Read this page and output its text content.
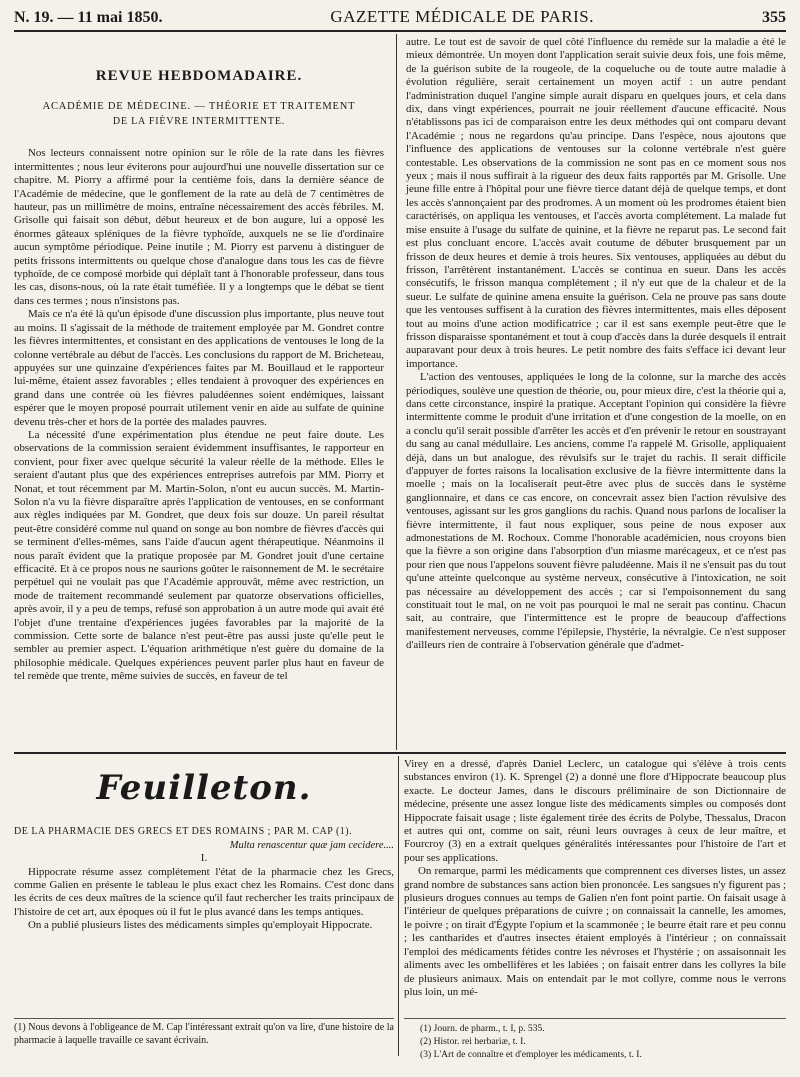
N. 19. — 11 mai 1850.	GAZETTE MÉDICALE DE PARIS.	355
REVUE HEBDOMADAIRE.
ACADÉMIE DE MÉDECINE. — THÉORIE ET TRAITEMENT
DE LA FIÈVRE INTERMITTENTE.

Nos lecteurs connaissent notre opinion sur le rôle de la rate dans les fièvres intermittentes ; nous leur éviterons pour aujourd'hui une nouvelle dissertation sur ce chapitre. M. Piorry a affirmé pour la centième fois, dans la dernière séance de l'Académie de médecine, que le gonflement de la rate au delà de 7 centimètres de hauteur, pas un millimètre de moins, entraîne nécessairement des accès fébriles. M. Grisolle qui faisait son début, début heureux et de bon augure, lui a opposé les énormes gâteaux spléniques de la fièvre typhoïde, auxquels ne se lie d'ordinaire aucun symptôme périodique. Peine inutile ; M. Piorry est parvenu à distinguer de petits frissons intermittents ou quelque chose d'analogue dans tous les cas de fièvre typhoïde, de ce composé morbide qui déplaît tant à l'honorable professeur, dans tous les cas, disons-nous, où la rate était tuméfiée. Il y a longtemps que le débat se tient dans ces termes ; nous n'insistons pas.

Mais ce n'a été là qu'un épisode d'une discussion plus importante, plus neuve tout au moins. Il s'agissait de la méthode de traitement employée par M. Gondret contre les fièvres intermittentes, et consistant en des applications de ventouses le long de la colonne vertébrale au début de l'accès. Les conclusions du rapport de M. Bricheteau, appuyées sur une quinzaine d'expériences faites par M. Bouillaud et le rapporteur lui-même, étaient assez favorables ; elles tendaient à provoquer des expériences en grand dans une contrée où les fièvres paludéennes soient endémiques, laissant espérer que le moyen proposé pourrait utilement venir en aide au sulfate de quinine devenu très-cher et hors de la portée des malades pauvres.

La nécessité d'une expérimentation plus étendue ne peut faire doute. Les observations de la commission seraient évidemment insuffisantes, le rapporteur en convient, pour fixer avec quelque sécurité la valeur réelle de la méthode. Elles le seraient d'autant plus que des expériences entreprises autrefois par MM. Piorry et Nonat, et tout récemment par M. Martin-Solon, n'ont eu aucun succès. M. Martin-Solon n'a vu la fièvre disparaître après l'application de ventouses, en se conformant aux règles indiquées par M. Gondret, que deux fois sur douze. Un pareil résultat peut-être considéré comme nul quand on songe au bon nombre de fièvres d'accès qui se terminent d'elles-mêmes, sans l'aide d'aucun agent thérapeutique. Néanmoins il nous paraît évident que la pratique proposée par M. Gondret jouit d'une certaine efficacité. Et à ce propos nous ne saurions goûter le raisonnement de M. le secrétaire perpétuel qui ne voulait pas que l'Académie approuvât, même avec restriction, un mode de traitement recommandé seulement par quatorze observations officielles, après avoir, il y a peu de temps, refusé son approbation à un autre mode qui avait été l'objet d'une trentaine d'expériences jugées favorables par la majorité de la commission. Cette sorte de balance n'est peut-être pas aussi juste qu'elle peut le sembler au premier aspect. L'équation arithmétique n'est guère du domaine de la philosophie médicale. Quelques expériences peuvent parler plus haut en faveur de tel remède que trente, même suivies de succès, en faveur de tel

autre. Le tout est de savoir de quel côté l'influence du remède sur la maladie a été le mieux démontrée. Un moyen dont l'application serait suivie deux fois, une fois même, de la guérison subite de la rougeole, de la coqueluche ou de toute autre maladie à évolution régulière, serait certainement un moyen actif : un autre pendant l'administration duquel l'angine simple aurait disparu en quelques jours, et cela dans dix, dans vingt expériences, pourrait ne jouir réellement d'aucune efficacité. Nous n'établissons pas ici de comparaison entre les deux méthodes qui ont comparu devant l'Académie ; nous ne regardons qu'au principe. Dans l'espèce, nous ajoutons que l'influence des applications de ventouses sur la colonne vertébrale n'est guère contestable. Les observations de la commission ne sont pas en ce moment sous nos yeux ; mais il nous suffirait à la rigueur des deux faits rapportés par M. Grisolle. Une jeune fille entre à l'hôpital pour une fièvre tierce datant déjà de quelque temps, et dont les accès s'annonçaient par des prodromes. A un moment où les prodromes étaient bien caractérisés, on appliqua les ventouses, et l'accès avorta complétement. La malade fut mise ensuite à l'usage du sulfate de quinine, et la fièvre ne reparut pas. Le second fait est plus concluant encore. L'accès avait coutume de débuter brusquement par un frisson de deux heures et demie à trois heures. Six ventouses, appliquées au début du frisson, l'arrêtèrent instantanément. L'accès se continua en sueur. Dans les accès consécutifs, le frisson manqua complétement ; il n'y eut que de la chaleur et de la sueur. Le sulfate de quinine amena ensuite la guérison. Cela ne prouve pas sans doute que les ventouses suffisent à la curation des fièvres intermittentes, mais elles déposent tout au moins d'une action modificatrice ; car il est sans exemple peut-être que le frisson disparaisse spontanément et tout à coup d'accès dans la durée desquels il entrait auparavant pour deux à trois heures. Le petit nombre des faits s'efface ici devant leur importance.

L'action des ventouses, appliquées le long de la colonne, sur la marche des accès périodiques, soulève une question de théorie, ou, pour mieux dire, c'est la théorie qui a, dans cette circonstance, inspiré la pratique. Acceptant l'opinion qui considère la fièvre intermittente comme le produit d'une irritation et d'une congestion de la moelle, on en a conclu qu'il serait possible d'arrêter les accès et d'en prévenir le retour en soustrayant du sang au canal médullaire. Les anciens, comme l'a rappelé M. Grisolle, appliquaient déjà, dans un but analogue, des révulsifs sur le trajet du rachis. Il serait difficile d'appuyer de fortes raisons la localisation exclusive de la fièvre intermittente dans la moelle ; mais on la localiserait peut-être avec plus de succès dans le système ganglionnaire, et dans ce cas encore, on concevrait assez bien l'action révulsive des ventouses, agissant sur les gros ganglions du rachis. Quand nous parlons de localiser la fièvre intermittente, il faut nous expliquer, sous peine de nous exposer aux admonestations de M. Rochoux. Comme l'honorable académicien, nous croyons bien que la fièvre a son origine dans l'absorption d'un miasme marécageux, et ce n'est pas pour rien que nous l'appelons souvent fièvre paludéenne. Mais il ne s'ensuit pas du tout qu'une atteinte quelconque au système nerveux, consécutive à l'intoxication, ne soit pas nécessaire au développement des accès ; car si l'empoisonnement du sang constituait tout le mal, on ne voit pas pourquoi le mal ne serait pas continu. Chacun sait, au contraire, que l'intermittence est le propre de beaucoup d'affections manifestement nerveuses, comme l'épilepsie, l'hystérie, la névralgie. Ce n'est supposer d'ailleurs rien de contraire à l'observation générale que d'admet-

Feuilleton.

DE LA PHARMACIE DES GRECS ET DES ROMAINS ; PAR M. CAP (1).

Multa renascentur quæ jam cecidere....

I.

Hippocrate résume assez complétement l'état de la pharmacie chez les Grecs, comme Galien en présente le tableau le plus exact chez les Romains. C'est donc dans les écrits de ces deux maîtres de la science qu'il faut rechercher les traits principaux de l'histoire de cet art, aux époques où il fut le plus avancé dans les temps antiques.

On a publié plusieurs listes des médicaments simples qu'employait Hippocrate.

Virey en a dressé, d'après Daniel Leclerc, un catalogue qui s'élève à trois cents substances environ (1). K. Sprengel (2) a donné une flore d'Hippocrate beaucoup plus exacte. Le docteur James, dans le discours préliminaire de son Dictionnaire de médecine, présente une assez longue liste des médicaments simples ou composés dont Hippocrate faisait usage ; liste également tirée des écrits de Polybe, Thessalus, Dracon et autres qui ont, comme on sait, réuni leurs ouvrages à ceux de leur maître, et Fourcroy (3) en a extrait quelques généralités intéressantes pour l'histoire de l'art et pour ses applications.

On remarque, parmi les médicaments que comprennent ces diverses listes, un assez grand nombre de substances sans action bien prononcée. Les sangsues n'y figurent pas ; plusieurs drogues connues au temps de Galien n'en font point partie. On faisait usage à l'intérieur de quelques préparations de cuivre ; on connaissait la cannelle, les amomes, le poivre ; on tirait d'Égypte l'opium et la scammonée ; le beurre était rare et peu connu ; les cantharides et d'autres insectes étaient employés à l'intérieur ; on connaissait l'emploi des médicaments fétides contre les névroses et l'hystérie ; on assaisonnait les aliments avec les ombellifères et les labiées ; on faisait entrer dans les collyres la bile de plusieurs animaux. Mais on entendait par le mot collyre, comme nous le verrons plus loin, un mé-

(1) Nous devons à l'obligeance de M. Cap l'intéressant extrait qu'on va lire, d'une histoire de la pharmacie à laquelle travaille ce savant écrivain.
(1) Journ. de pharm., t. I, p. 535.
(2) Histor. rei herbariæ, t. I.
(3) L'Art de connaître et d'employer les médicaments, t. I.
